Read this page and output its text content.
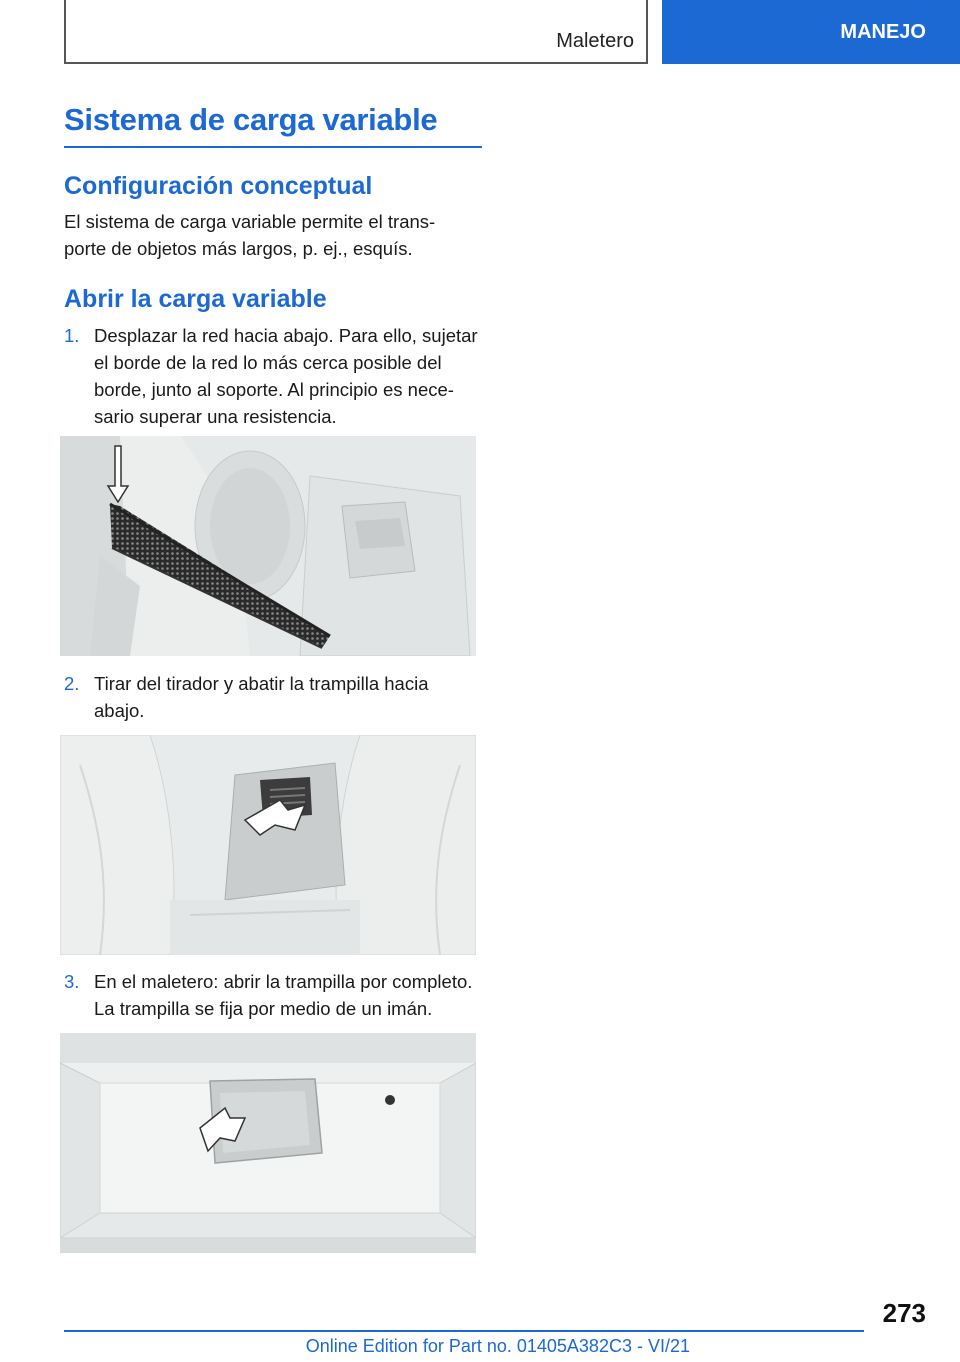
Maletero	MANEJO
Sistema de carga variable
Configuración conceptual

El sistema de carga variable permite el trans-

porte de objetos más largos, p. ej., esquís.

Abrir la carga variable
1. Desplazar la red hacia abajo. Para ello, sujetar
el borde de la red lo más cerca posible del
borde, junto al soporte. Al principio es nece-
sario superar una resistencia.
2. Tirar del tirador y abatir la trampilla hacia
abajo.
3. En el maletero: abrir la trampilla por completo.
La trampilla se fija por medio de un imán.
273
Online Edition for Part no. 01405A382C3 - VI/21
